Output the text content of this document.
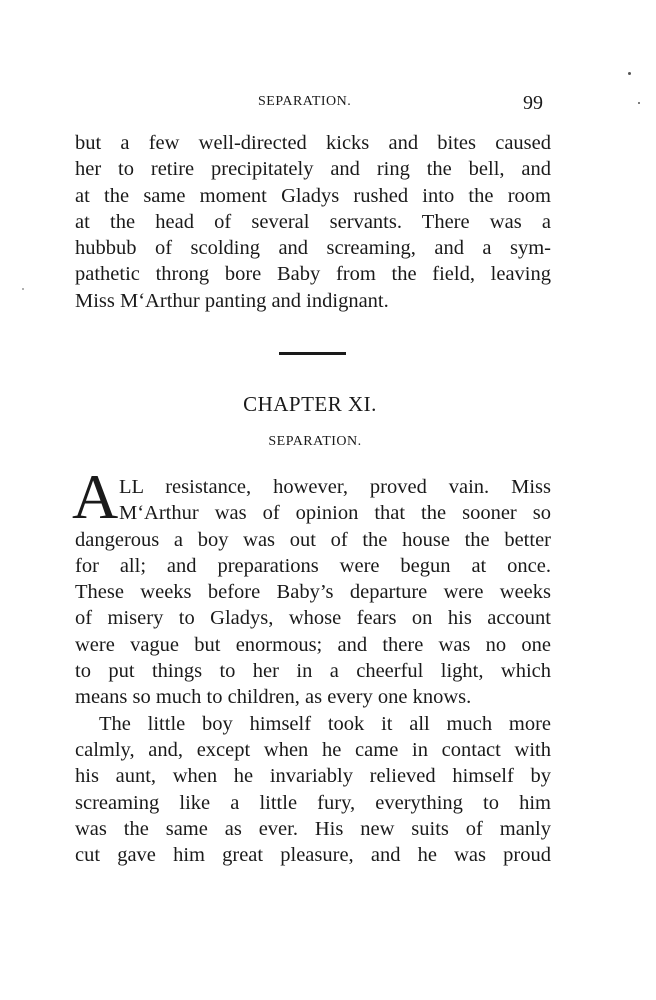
SEPARATION.	99
but a few well-directed kicks and bites caused
her to retire precipitately and ring the bell, and
at the same moment Gladys rushed into the room
at the head of several servants. There was a
hubbub of scolding and screaming, and a sym-
pathetic throng bore Baby from the field, leaving
Miss M‘Arthur panting and indignant.
CHAPTER XI.
SEPARATION.
A LL resistance, however, proved vain. Miss
M‘Arthur was of opinion that the sooner so
dangerous a boy was out of the house the better
for all; and preparations were begun at once.
These weeks before Baby’s departure were weeks
of misery to Gladys, whose fears on his account
were vague but enormous; and there was no one
to put things to her in a cheerful light, which
means so much to children, as every one knows.
The little boy himself took it all much more
calmly, and, except when he came in contact with
his aunt, when he invariably relieved himself by
screaming like a little fury, everything to him
was the same as ever. His new suits of manly
cut gave him great pleasure, and he was proud
